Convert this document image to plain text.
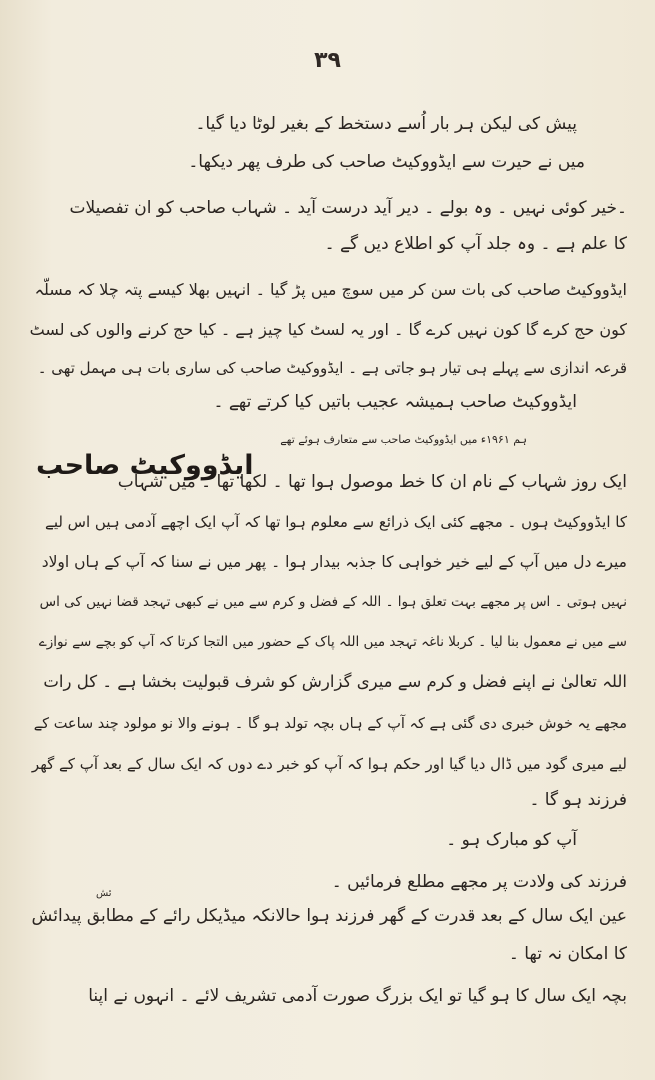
۳۹
پیش کی لیکن ہر بار اُسے دستخط کے بغیر لوٹا دیا گیا۔
میں نے حیرت سے ایڈووکیٹ صاحب کی طرف پھر دیکھا۔
۔خیر کوئی نہیں ۔ وہ بولے ۔ دیر آید درست آید ۔ شہاب صاحب کو ان تفصیلات
کا علم ہے ۔ وہ جلد آپ کو اطلاع دیں گے ۔
ایڈووکیٹ صاحب کی بات سن کر میں سوچ میں پڑ گیا ۔ انہیں بھلا کیسے پتہ چلا کہ مسلّہ
کون حج کرے گا کون نہیں کرے گا ۔ اور یہ لسٹ کیا چیز ہے ۔ کیا حج کرنے والوں کی لسٹ
قرعہ اندازی سے پہلے ہی تیار ہو جاتی ہے ۔ ایڈووکیٹ صاحب کی ساری بات ہی مہمل تھی ۔
ایڈووکیٹ صاحب ہمیشہ عجیب باتیں کیا کرتے تھے ۔
ہم ۱۹۶۱ء میں ایڈووکیٹ صاحب سے متعارف ہوئے تھے
ایڈووکیٹ صاحب
ایک روز شہاب کے نام ان کا خط موصول ہوا تھا ۔ لکھا تھا ۔ میں شہاب
کا ایڈووکیٹ ہوں ۔ مجھے کئی ایک ذرائع سے معلوم ہوا تھا کہ آپ ایک اچھے آدمی ہیں اس لیے
میرے دل میں آپ کے لیے خیر خواہی کا جذبہ بیدار ہوا ۔ پھر میں نے سنا کہ آپ کے ہاں اولاد
نہیں ہوتی ۔ اس پر مجھے بہت تعلق ہوا ۔ اللہ کے فضل و کرم سے میں نے کبھی تہجد قضا نہیں کی اس
سے میں نے معمول بنا لیا ۔ کربلا ناغہ تہجد میں اللہ پاک کے حضور میں التجا کرتا کہ آپ کو بچے سے نوازے
اللہ تعالیٰ نے اپنے فضل و کرم سے میری گزارش کو شرف قبولیت بخشا ہے ۔ کل رات
مجھے یہ خوش خبری دی گئی ہے کہ آپ کے ہاں بچہ تولد ہو گا ۔ ہونے والا نو مولود چند ساعت کے
لیے میری گود میں ڈال دیا گیا اور حکم ہوا کہ آپ کو خبر دے دوں کہ ایک سال کے بعد آپ کے گھر
فرزند ہو گا ۔
آپ کو مبارک ہو ۔
فرزند کی ولادت پر مجھے مطلع فرمائیں ۔
ئش
عین ایک سال کے بعد قدرت کے گھر فرزند ہوا حالانکہ میڈیکل رائے کے مطابق پیدائش
کا امکان نہ تھا ۔
بچہ ایک سال کا ہو گیا تو ایک بزرگ صورت آدمی تشریف لائے ۔ انہوں نے اپنا
